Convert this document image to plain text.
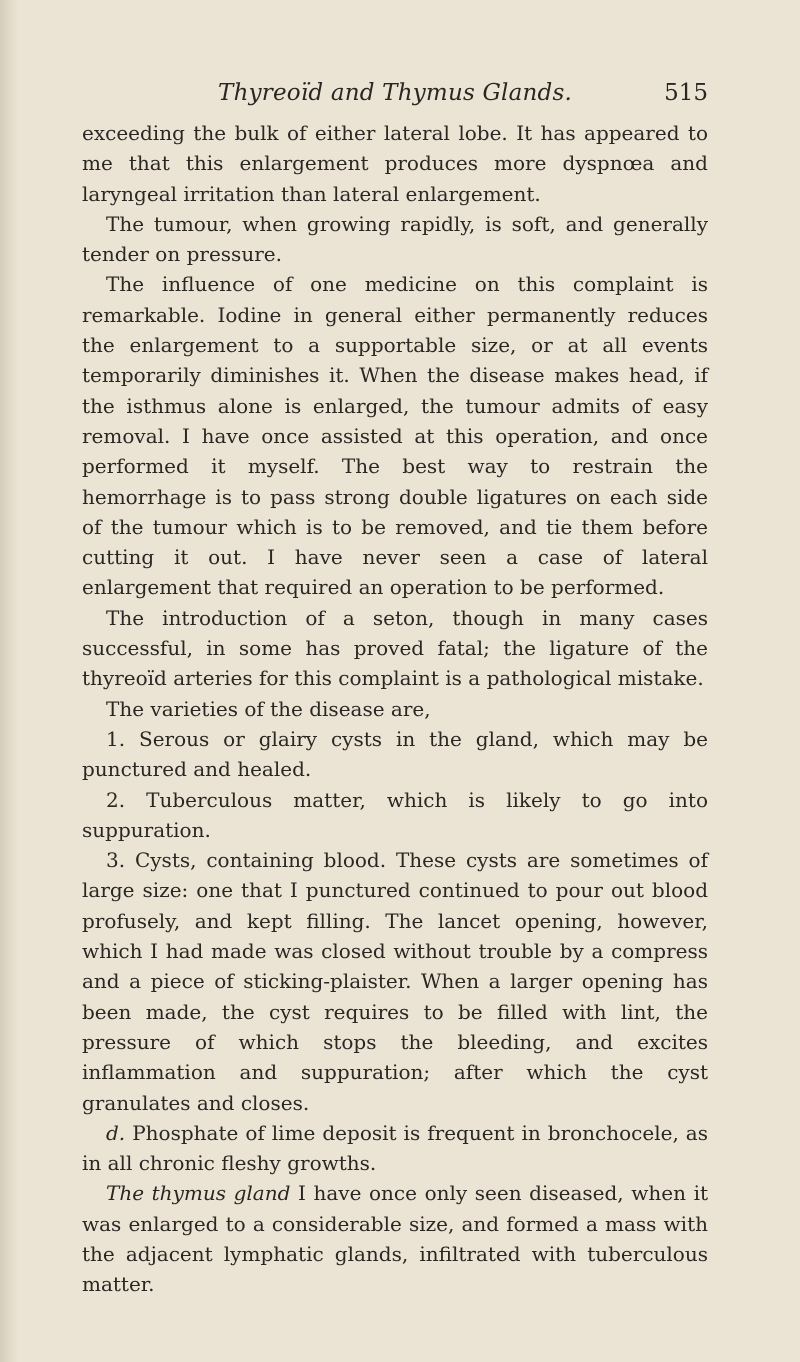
Thyreoïd and Thymus Glands.	515

exceeding the bulk of either lateral lobe. It has appeared to me that this enlargement produces more dyspnœa and laryngeal irritation than lateral enlargement.

The tumour, when growing rapidly, is soft, and generally tender on pressure.

The influence of one medicine on this complaint is remarkable. Iodine in general either permanently reduces the enlargement to a supportable size, or at all events temporarily diminishes it. When the disease makes head, if the isthmus alone is enlarged, the tumour admits of easy removal. I have once assisted at this operation, and once performed it myself. The best way to restrain the hemorrhage is to pass strong double ligatures on each side of the tumour which is to be removed, and tie them before cutting it out. I have never seen a case of lateral enlargement that required an operation to be performed.

The introduction of a seton, though in many cases successful, in some has proved fatal; the ligature of the thyreoïd arteries for this complaint is a pathological mistake.

The varieties of the disease are,

1. Serous or glairy cysts in the gland, which may be punctured and healed.

2. Tuberculous matter, which is likely to go into suppuration.

3. Cysts, containing blood. These cysts are sometimes of large size: one that I punctured continued to pour out blood profusely, and kept filling. The lancet opening, however, which I had made was closed without trouble by a compress and a piece of sticking-plaister. When a larger opening has been made, the cyst requires to be filled with lint, the pressure of which stops the bleeding, and excites inflammation and suppuration; after which the cyst granulates and closes.

d. Phosphate of lime deposit is frequent in bronchocele, as in all chronic fleshy growths.

The thymus gland I have once only seen diseased, when it was enlarged to a considerable size, and formed a mass with the adjacent lymphatic glands, infiltrated with tuberculous matter.
